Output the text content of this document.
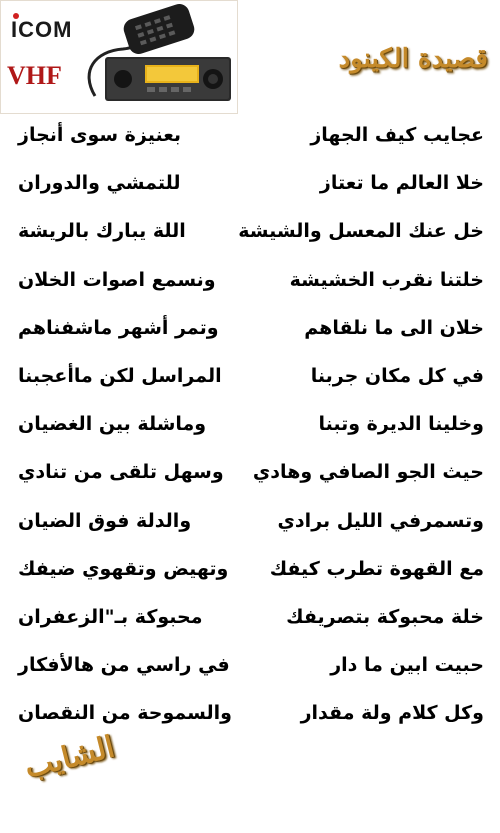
ICOM
VHF
قصيدة الكينود
عجايب كيف الجهاز
بعنيزة سوى أنجاز
خلا العالم ما تعتاز
للتمشي والدوران
خل عنك المعسل والشيشة
اللة يبارك بالريشة
خلتنا نقرب الخشيشة
ونسمع اصوات الخلان
خلان الى ما نلقاهم
وتمر أشهر ماشفناهم
في كل مكان جربنا
المراسل لكن ماأعجبنا
وخلينا الديرة وتبنا
وماشلة بين الغضيان
حيث الجو الصافي وهادي
وسهل تلقى من تنادي
وتسمرفي الليل برادي
والدلة فوق الضيان
مع القهوة تطرب كيفك
وتهيض وتقهوي ضيفك
خلة محبوكة بتصريفك
محبوكة بـ"الزعفران
حبيت ابين ما دار
في راسي من هالأفكار
وكل كلام ولة مقدار
والسموحة من النقصان
الشايب
